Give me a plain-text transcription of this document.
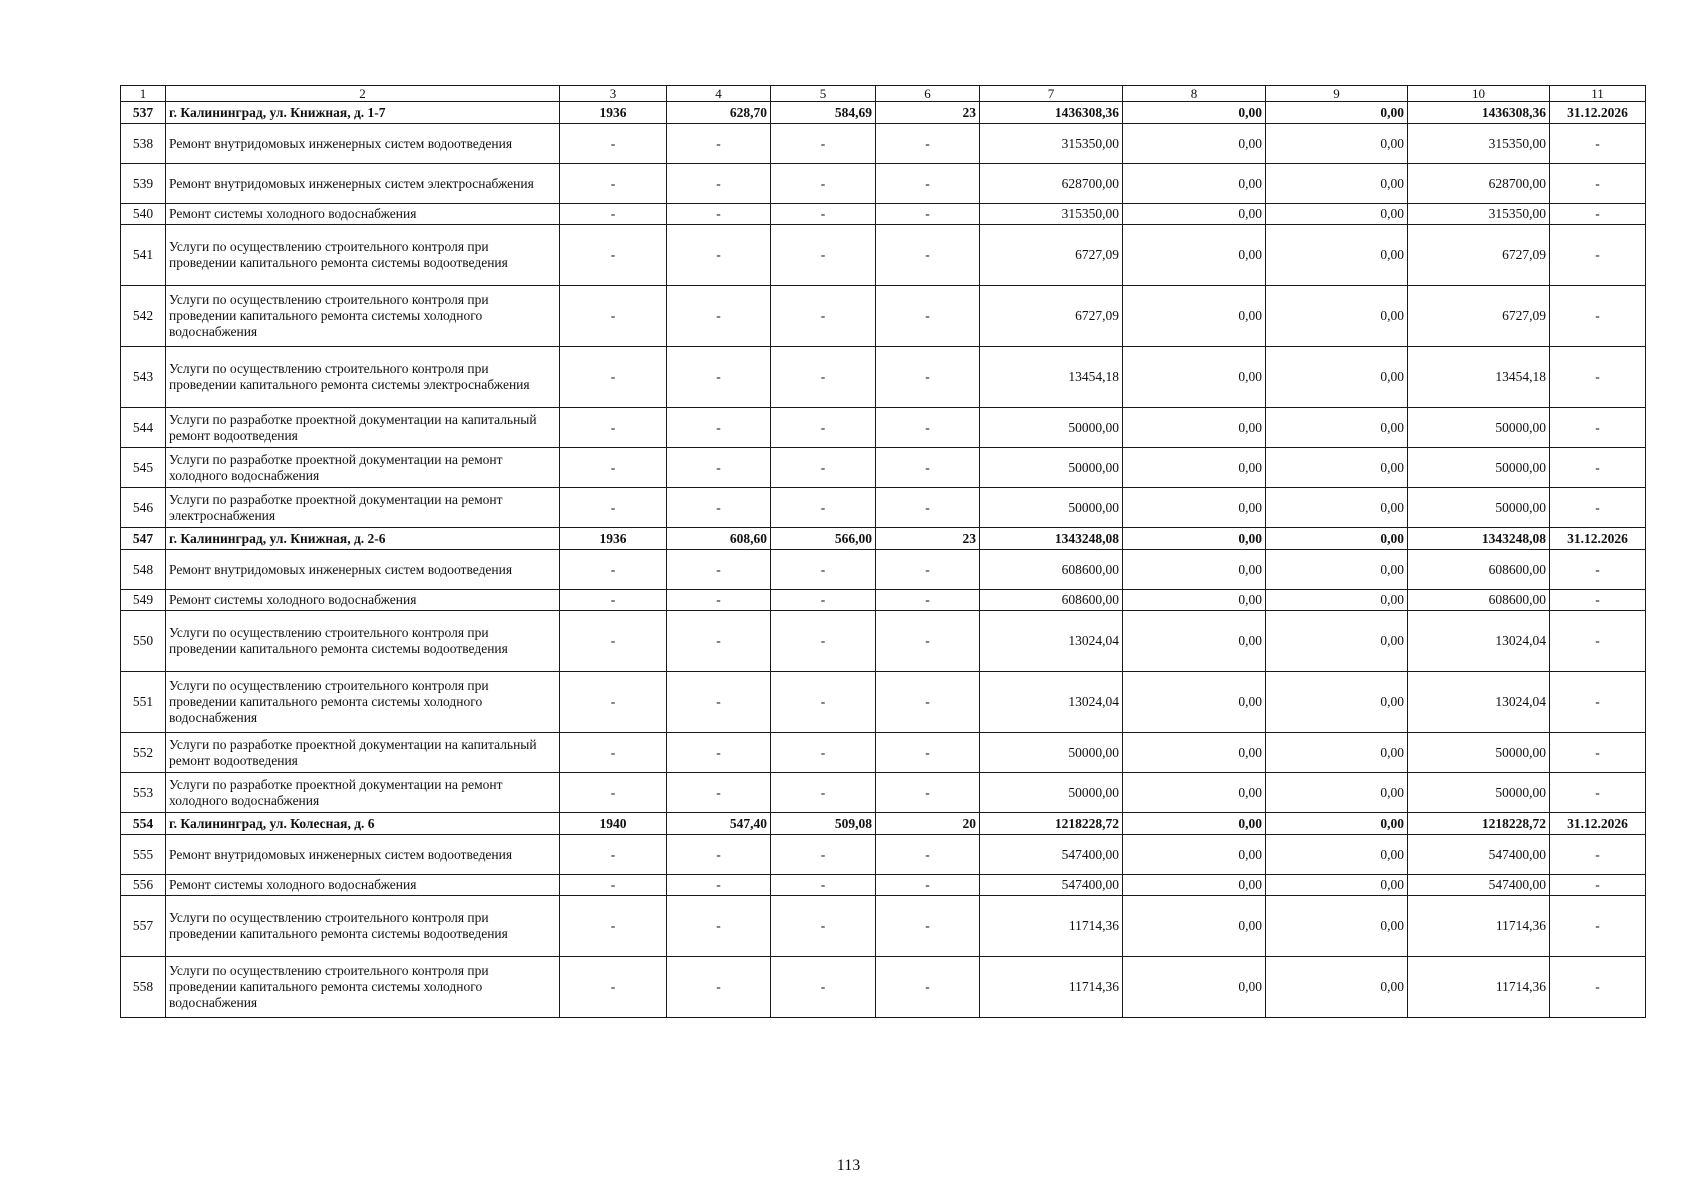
1	2	3	4	5	6	7	8	9	10	11
537	г. Калининград, ул. Книжная, д. 1-7	1936	628,70	584,69	23	1436308,36	0,00	0,00	1436308,36	31.12.2026
538	Ремонт внутридомовых инженерных систем водоотведения	-	-	-	-	315350,00	0,00	0,00	315350,00	-
539	Ремонт внутридомовых инженерных систем электроснабжения	-	-	-	-	628700,00	0,00	0,00	628700,00	-
540	Ремонт системы холодного водоснабжения	-	-	-	-	315350,00	0,00	0,00	315350,00	-
541	Услуги по осуществлению строительного контроля при проведении капитального ремонта системы водоотведения	-	-	-	-	6727,09	0,00	0,00	6727,09	-
542	Услуги по осуществлению строительного контроля при проведении капитального ремонта системы холодного водоснабжения	-	-	-	-	6727,09	0,00	0,00	6727,09	-
543	Услуги по осуществлению строительного контроля при проведении капитального ремонта системы электроснабжения	-	-	-	-	13454,18	0,00	0,00	13454,18	-
544	Услуги по разработке проектной документации на капитальный ремонт водоотведения	-	-	-	-	50000,00	0,00	0,00	50000,00	-
545	Услуги по разработке проектной документации на ремонт холодного водоснабжения	-	-	-	-	50000,00	0,00	0,00	50000,00	-
546	Услуги по разработке проектной документации на ремонт электроснабжения	-	-	-	-	50000,00	0,00	0,00	50000,00	-
547	г. Калининград, ул. Книжная, д. 2-6	1936	608,60	566,00	23	1343248,08	0,00	0,00	1343248,08	31.12.2026
548	Ремонт внутридомовых инженерных систем водоотведения	-	-	-	-	608600,00	0,00	0,00	608600,00	-
549	Ремонт системы холодного водоснабжения	-	-	-	-	608600,00	0,00	0,00	608600,00	-
550	Услуги по осуществлению строительного контроля при проведении капитального ремонта системы водоотведения	-	-	-	-	13024,04	0,00	0,00	13024,04	-
551	Услуги по осуществлению строительного контроля при проведении капитального ремонта системы холодного водоснабжения	-	-	-	-	13024,04	0,00	0,00	13024,04	-
552	Услуги по разработке проектной документации на капитальный ремонт водоотведения	-	-	-	-	50000,00	0,00	0,00	50000,00	-
553	Услуги по разработке проектной документации на ремонт холодного водоснабжения	-	-	-	-	50000,00	0,00	0,00	50000,00	-
554	г. Калининград, ул. Колесная, д. 6	1940	547,40	509,08	20	1218228,72	0,00	0,00	1218228,72	31.12.2026
555	Ремонт внутридомовых инженерных систем водоотведения	-	-	-	-	547400,00	0,00	0,00	547400,00	-
556	Ремонт системы холодного водоснабжения	-	-	-	-	547400,00	0,00	0,00	547400,00	-
557	Услуги по осуществлению строительного контроля при проведении капитального ремонта системы водоотведения	-	-	-	-	11714,36	0,00	0,00	11714,36	-
558	Услуги по осуществлению строительного контроля при проведении капитального ремонта системы холодного водоснабжения	-	-	-	-	11714,36	0,00	0,00	11714,36	-
113
